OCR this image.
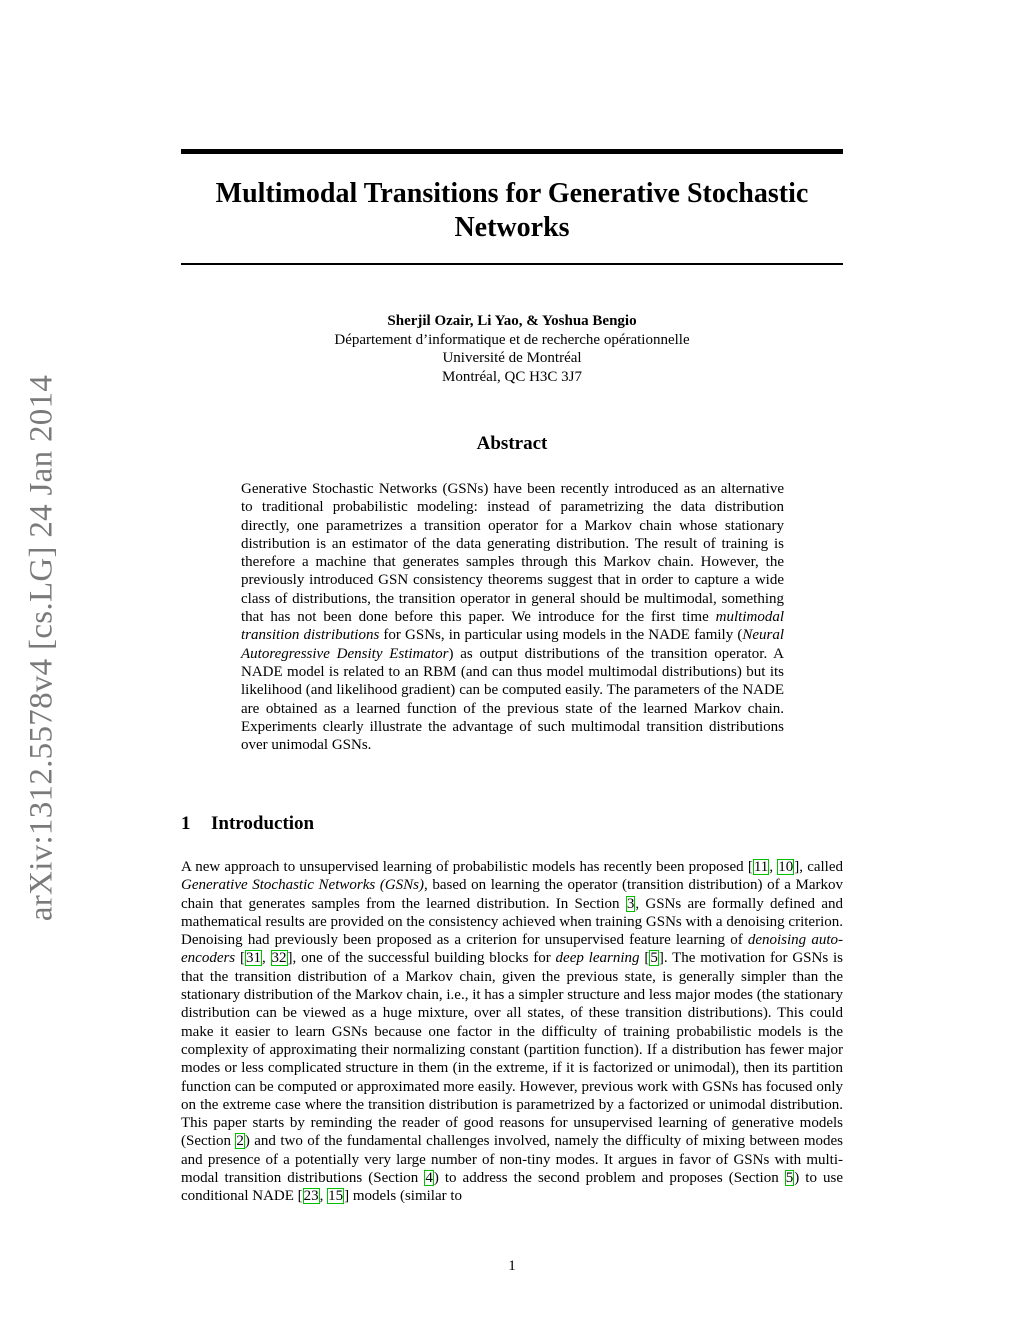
arXiv:1312.5578v4 [cs.LG] 24 Jan 2014
Multimodal Transitions for Generative Stochastic Networks
Sherjil Ozair, Li Yao, & Yoshua Bengio
Département d’informatique et de recherche opérationnelle
Université de Montréal
Montréal, QC H3C 3J7
Abstract
Generative Stochastic Networks (GSNs) have been recently introduced as an alternative to traditional probabilistic modeling: instead of parametrizing the data distribution directly, one parametrizes a transition operator for a Markov chain whose stationary distribution is an estimator of the data generating distribution. The result of training is therefore a machine that generates samples through this Markov chain. However, the previously introduced GSN consistency theorems suggest that in order to capture a wide class of distributions, the transition operator in general should be multimodal, something that has not been done before this paper. We introduce for the first time multimodal transition distributions for GSNs, in particular using models in the NADE family (Neural Autoregressive Density Estimator) as output distributions of the transition operator. A NADE model is related to an RBM (and can thus model multimodal distributions) but its likelihood (and likelihood gradient) can be computed easily. The parameters of the NADE are obtained as a learned function of the previous state of the learned Markov chain. Experiments clearly illustrate the advantage of such multimodal transition distributions over unimodal GSNs.
1 Introduction
A new approach to unsupervised learning of probabilistic models has recently been proposed [11, 10], called Generative Stochastic Networks (GSNs), based on learning the operator (transition distribution) of a Markov chain that generates samples from the learned distribution. In Section 3, GSNs are formally defined and mathematical results are provided on the consistency achieved when training GSNs with a denoising criterion. Denoising had previously been proposed as a criterion for unsupervised feature learning of denoising auto-encoders [31, 32], one of the successful building blocks for deep learning [5]. The motivation for GSNs is that the transition distribution of a Markov chain, given the previous state, is generally simpler than the stationary distribution of the Markov chain, i.e., it has a simpler structure and less major modes (the stationary distribution can be viewed as a huge mixture, over all states, of these transition distributions). This could make it easier to learn GSNs because one factor in the difficulty of training probabilistic models is the complexity of approximating their normalizing constant (partition function). If a distribution has fewer major modes or less complicated structure in them (in the extreme, if it is factorized or unimodal), then its partition function can be computed or approximated more easily. However, previous work with GSNs has focused only on the extreme case where the transition distribution is parametrized by a factorized or unimodal distribution. This paper starts by reminding the reader of good reasons for unsupervised learning of generative models (Section 2) and two of the fundamental challenges involved, namely the difficulty of mixing between modes and presence of a potentially very large number of non-tiny modes. It argues in favor of GSNs with multi-modal transition distributions (Section 4) to address the second problem and proposes (Section 5) to use conditional NADE [23, 15] models (similar to
1
